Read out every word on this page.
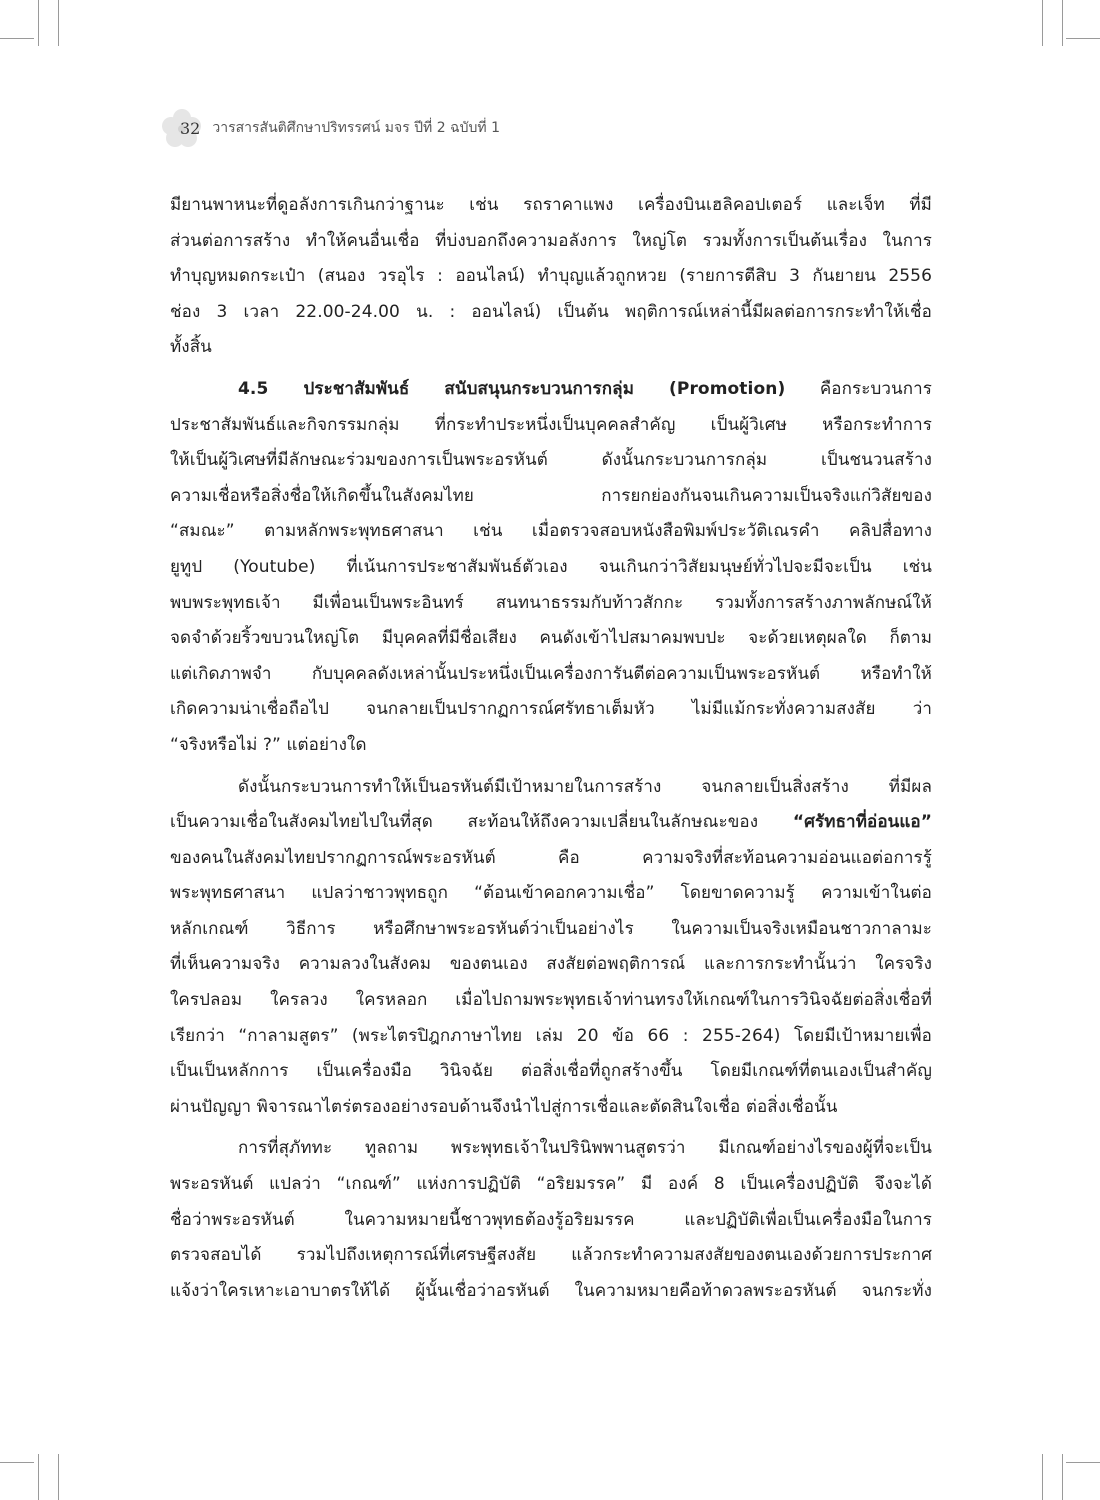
32 วารสารสันติศึกษาปริทรรศน์ มจร ปีที่ 2 ฉบับที่ 1
มียานพาหนะที่ดูอลังการเกินกว่าฐานะ เช่น รถราคาแพง เครื่องบินเฮลิคอปเตอร์ และเจ็ท ที่มี
ส่วนต่อการสร้าง ทำให้คนอื่นเชื่อ ที่บ่งบอกถึงความอลังการ ใหญ่โต รวมทั้งการเป็นต้นเรื่อง ในการ
ทำบุญหมดกระเป๋า (สนอง วรอุไร : ออนไลน์) ทำบุญแล้วถูกหวย (รายการตีสิบ 3 กันยายน 2556
ช่อง 3 เวลา 22.00-24.00 น. : ออนไลน์) เป็นต้น พฤติการณ์เหล่านี้มีผลต่อการกระทำให้เชื่อ
ทั้งสิ้น
4.5 ประชาสัมพันธ์ สนับสนุนกระบวนการกลุ่ม (Promotion) คือกระบวนการ
ประชาสัมพันธ์และกิจกรรมกลุ่ม ที่กระทำประหนึ่งเป็นบุคคลสำคัญ เป็นผู้วิเศษ หรือกระทำการ
ให้เป็นผู้วิเศษที่มีลักษณะร่วมของการเป็นพระอรหันต์ ดังนั้นกระบวนการกลุ่ม เป็นชนวนสร้าง
ความเชื่อหรือสิ่งชื่อให้เกิดขึ้นในสังคมไทย การยกย่องกันจนเกินความเป็นจริงแก่วิสัยของ
“สมณะ” ตามหลักพระพุทธศาสนา เช่น เมื่อตรวจสอบหนังสือพิมพ์ประวัติเณรคำ คลิปสื่อทาง
ยูทูป (Youtube) ที่เน้นการประชาสัมพันธ์ตัวเอง จนเกินกว่าวิสัยมนุษย์ทั่วไปจะมีจะเป็น เช่น
พบพระพุทธเจ้า มีเพื่อนเป็นพระอินทร์ สนทนาธรรมกับท้าวสักกะ รวมทั้งการสร้างภาพลักษณ์ให้
จดจำด้วยริ้วขบวนใหญ่โต มีบุคคลที่มีชื่อเสียง คนดังเข้าไปสมาคมพบปะ จะด้วยเหตุผลใด ก็ตาม
แต่เกิดภาพจำ กับบุคคลดังเหล่านั้นประหนึ่งเป็นเครื่องการันตีต่อความเป็นพระอรหันต์ หรือทำให้
เกิดความน่าเชื่อถือไป จนกลายเป็นปรากฏการณ์ศรัทธาเต็มหัว ไม่มีแม้กระทั่งความสงสัย ว่า
“จริงหรือไม่ ?” แต่อย่างใด
ดังนั้นกระบวนการทำให้เป็นอรหันต์มีเป้าหมายในการสร้าง จนกลายเป็นสิ่งสร้าง ที่มีผล
เป็นความเชื่อในสังคมไทยไปในที่สุด สะท้อนให้ถึงความเปลี่ยนในลักษณะของ “ศรัทธาที่อ่อนแอ”
ของคนในสังคมไทยปรากฏการณ์พระอรหันต์ คือ ความจริงที่สะท้อนความอ่อนแอต่อการรู้
พระพุทธศาสนา แปลว่าชาวพุทธถูก “ต้อนเข้าคอกความเชื่อ” โดยขาดความรู้ ความเข้าในต่อ
หลักเกณฑ์ วิธีการ หรือศึกษาพระอรหันต์ว่าเป็นอย่างไร ในความเป็นจริงเหมือนชาวกาลามะ
ที่เห็นความจริง ความลวงในสังคม ของตนเอง สงสัยต่อพฤติการณ์ และการกระทำนั้นว่า ใครจริง
ใครปลอม ใครลวง ใครหลอก เมื่อไปถามพระพุทธเจ้าท่านทรงให้เกณฑ์ในการวินิจฉัยต่อสิ่งเชื่อที่
เรียกว่า “กาลามสูตร” (พระไตรปิฎกภาษาไทย เล่ม 20 ข้อ 66 : 255-264) โดยมีเป้าหมายเพื่อ
เป็นเป็นหลักการ เป็นเครื่องมือ วินิจฉัย ต่อสิ่งเชื่อที่ถูกสร้างขึ้น โดยมีเกณฑ์ที่ตนเองเป็นสำคัญ
ผ่านปัญญา พิจารณาไตร่ตรองอย่างรอบด้านจึงนำไปสู่การเชื่อและตัดสินใจเชื่อ ต่อสิ่งเชื่อนั้น
การที่สุภัททะ ทูลถาม พระพุทธเจ้าในปรินิพพานสูตรว่า มีเกณฑ์อย่างไรของผู้ที่จะเป็น
พระอรหันต์ แปลว่า “เกณฑ์” แห่งการปฏิบัติ “อริยมรรค” มี องค์ 8 เป็นเครื่องปฏิบัติ จึงจะได้
ชื่อว่าพระอรหันต์ ในความหมายนี้ชาวพุทธต้องรู้อริยมรรค และปฏิบัติเพื่อเป็นเครื่องมือในการ
ตรวจสอบได้ รวมไปถึงเหตุการณ์ที่เศรษฐีสงสัย แล้วกระทำความสงสัยของตนเองด้วยการประกาศ
แจ้งว่าใครเหาะเอาบาตรให้ได้ ผู้นั้นเชื่อว่าอรหันต์ ในความหมายคือท้าดวลพระอรหันต์ จนกระทั่ง
